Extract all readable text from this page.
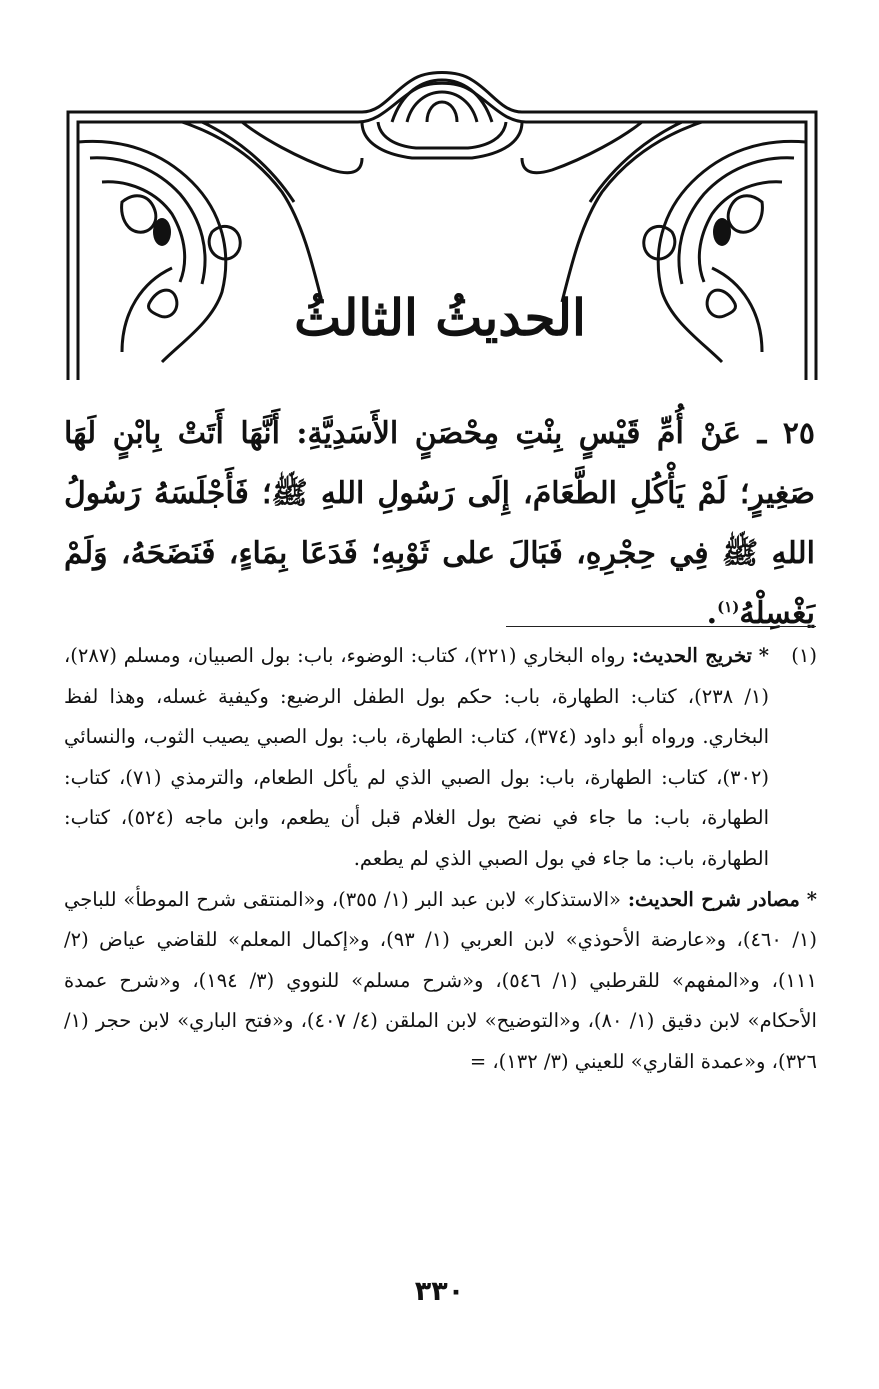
الحديثُ الثالثُ
٢٥ ـ عَنْ أُمِّ قَيْسٍ بِنْتِ مِحْصَنٍ الأَسَدِيَّةِ: أَنَّهَا أَتَتْ بِابْنٍ لَهَا صَغِيرٍ؛ لَمْ يَأْكُلِ الطَّعَامَ، إِلَى رَسُولِ اللهِ ﷺ؛ فَأَجْلَسَهُ رَسُولُ اللهِ ﷺ فِي حِجْرِهِ، فَبَالَ على ثَوْبِهِ؛ فَدَعَا بِمَاءٍ، فَنَضَحَهُ، وَلَمْ يَغْسِلْهُ$^{(١)}$.
(١)

* تخريج الحديث: رواه البخاري (٢٢١)، كتاب: الوضوء، باب: بول الصبيان، ومسلم (٢٨٧)، (١/ ٢٣٨)، كتاب: الطهارة، باب: حكم بول الطفل الرضيع: وكيفية غسله، وهذا لفظ البخاري. ورواه أبو داود (٣٧٤)، كتاب: الطهارة، باب: بول الصبي يصيب الثوب، والنسائي (٣٠٢)، كتاب: الطهارة، باب: بول الصبي الذي لم يأكل الطعام، والترمذي (٧١)، كتاب: الطهارة، باب: ما جاء في نضح بول الغلام قبل أن يطعم، وابن ماجه (٥٢٤)، كتاب: الطهارة، باب: ما جاء في بول الصبي الذي لم يطعم.

* مصادر شرح الحديث: «الاستذكار» لابن عبد البر (١/ ٣٥٥)، و«المنتقى شرح الموطأ» للباجي (١/ ٤٦٠)، و«عارضة الأحوذي» لابن العربي (١/ ٩٣)، و«إكمال المعلم» للقاضي عياض (٢/ ١١١)، و«المفهم» للقرطبي (١/ ٥٤٦)، و«شرح مسلم» للنووي (٣/ ١٩٤)، و«شرح عمدة الأحكام» لابن دقيق (١/ ٨٠)، و«التوضيح» لابن الملقن (٤/ ٤٠٧)، و«فتح الباري» لابن حجر (١/ ٣٢٦)، و«عمدة القاري» للعيني (٣/ ١٣٢)، =

٣٣٠
